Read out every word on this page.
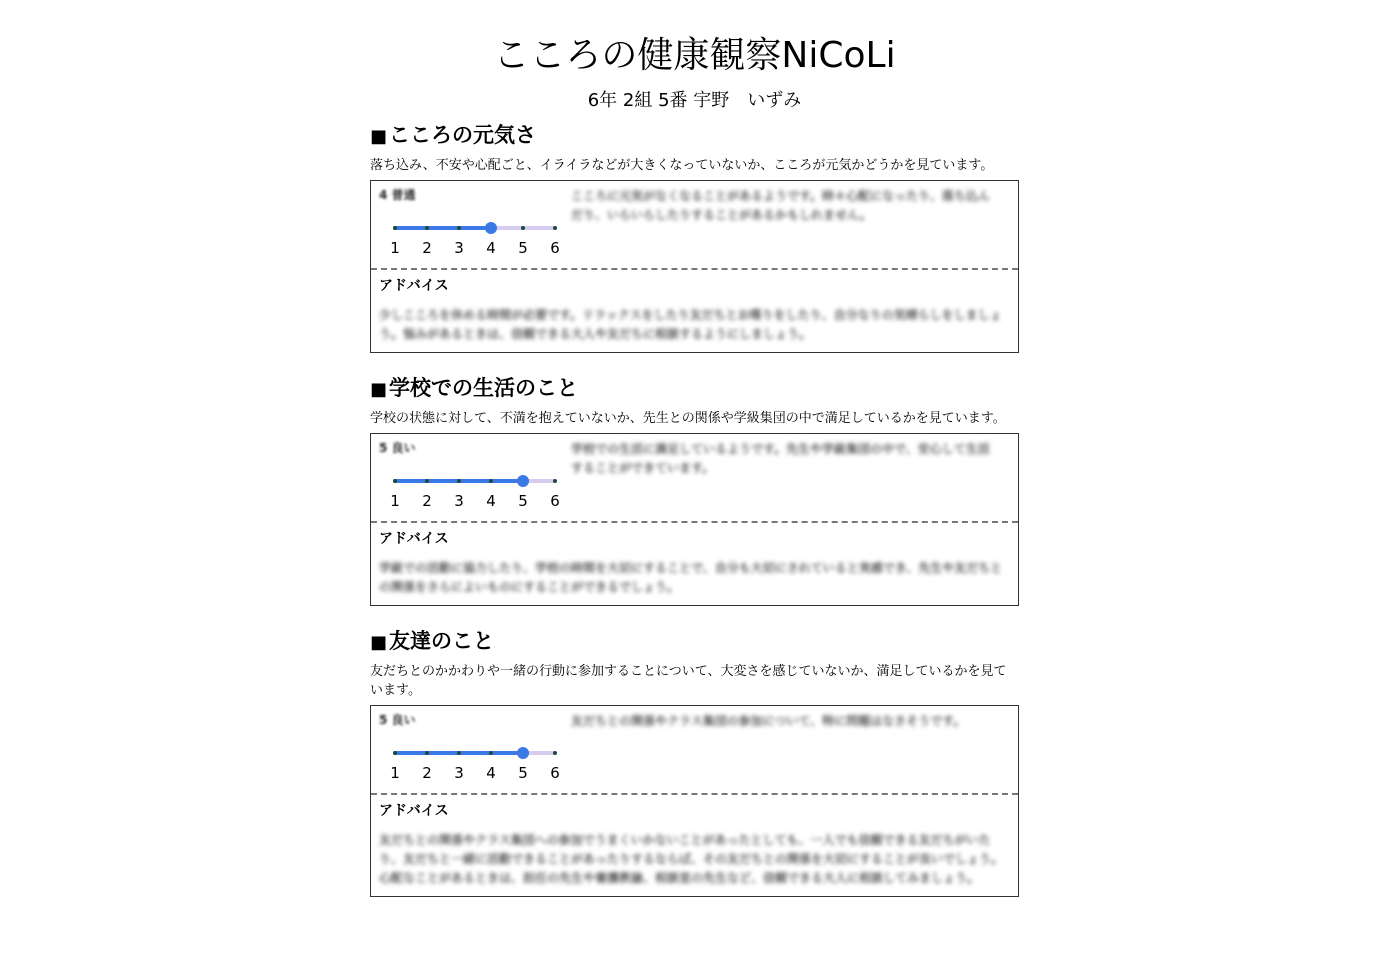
こころの健康観察NiCoLi
6年 2組 5番 宇野　いずみ
■こころの元気さ
落ち込み、不安や心配ごと、イライラなどが大きくなっていないか、こころが元気かどうかを見ています。
4 普通
1	2	3	4	5	6
こころに元気がなくなることがあるようです。時々心配になったり、落ち込んだり、いらいらしたりすることがあるかもしれません。
アドバイス
少しこころを休める時間が必要です。リラックスをしたり友だちとお喋りをしたり、自分なりの気晴らしをしましょう。悩みがあるときは、信頼できる大人や友だちに相談するようにしましょう。
■学校での生活のこと
学校の状態に対して、不満を抱えていないか、先生との関係や学級集団の中で満足しているかを見ています。
5 良い
1	2	3	4	5	6
学校での生活に満足しているようです。先生や学級集団の中で、安心して生活することができています。
アドバイス
学級での活動に協力したり、学校の時間を大切にすることで、自分も大切にされていると実感でき、先生や友だちとの関係をさらによいものにすることができるでしょう。
■友達のこと
友だちとのかかわりや一緒の行動に参加することについて、大変さを感じていないか、満足しているかを見ています。
5 良い
1	2	3	4	5	6
友だちとの関係やクラス集団の参加について、特に問題はなさそうです。
アドバイス
友だちとの関係やクラス集団への参加でうまくいかないことがあったとしても、一人でも信頼できる友だちがいたり、友だちと一緒に活動できることがあったりするならば、その友だちとの関係を大切にすることが良いでしょう。心配なことがあるときは、担任の先生や養護教諭、相談室の先生など、信頼できる大人に相談してみましょう。
